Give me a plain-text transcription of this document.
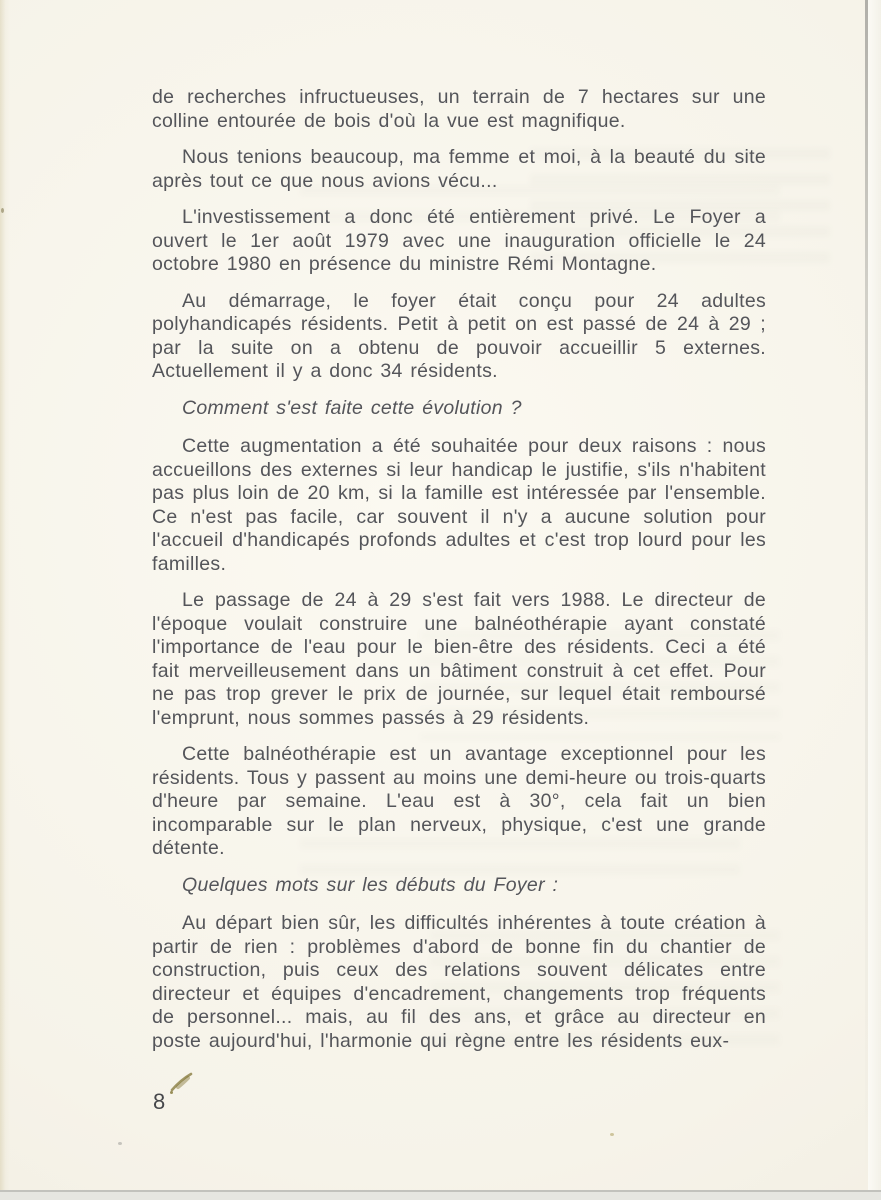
de recherches infructueuses, un terrain de 7 hectares sur une colline entourée de bois d'où la vue est magnifique.

Nous tenions beaucoup, ma femme et moi, à la beauté du site après tout ce que nous avions vécu...

L'investissement a donc été entièrement privé. Le Foyer a ouvert le 1er août 1979 avec une inauguration officielle le 24 octobre 1980 en présence du ministre Rémi Montagne.

Au démarrage, le foyer était conçu pour 24 adultes polyhandicapés résidents. Petit à petit on est passé de 24 à 29 ; par la suite on a obtenu de pouvoir accueillir 5 externes. Actuellement il y a donc 34 résidents.

Comment s'est faite cette évolution ?

Cette augmentation a été souhaitée pour deux raisons : nous accueillons des externes si leur handicap le justifie, s'ils n'habitent pas plus loin de 20 km, si la famille est intéressée par l'ensemble. Ce n'est pas facile, car souvent il n'y a aucune solution pour l'accueil d'handicapés profonds adultes et c'est trop lourd pour les familles.

Le passage de 24 à 29 s'est fait vers 1988. Le directeur de l'époque voulait construire une balnéothérapie ayant constaté l'importance de l'eau pour le bien-être des résidents. Ceci a été fait merveilleusement dans un bâtiment construit à cet effet. Pour ne pas trop grever le prix de journée, sur lequel était remboursé l'emprunt, nous sommes passés à 29 résidents.

Cette balnéothérapie est un avantage exceptionnel pour les résidents. Tous y passent au moins une demi-heure ou trois-quarts d'heure par semaine. L'eau est à 30°, cela fait un bien incomparable sur le plan nerveux, physique, c'est une grande détente.

Quelques mots sur les débuts du Foyer :

Au départ bien sûr, les difficultés inhérentes à toute création à partir de rien : problèmes d'abord de bonne fin du chantier de construction, puis ceux des relations souvent délicates entre directeur et équipes d'encadrement, changements trop fréquents de personnel... mais, au fil des ans, et grâce au directeur en poste aujourd'hui, l'harmonie qui règne entre les résidents eux-

8
